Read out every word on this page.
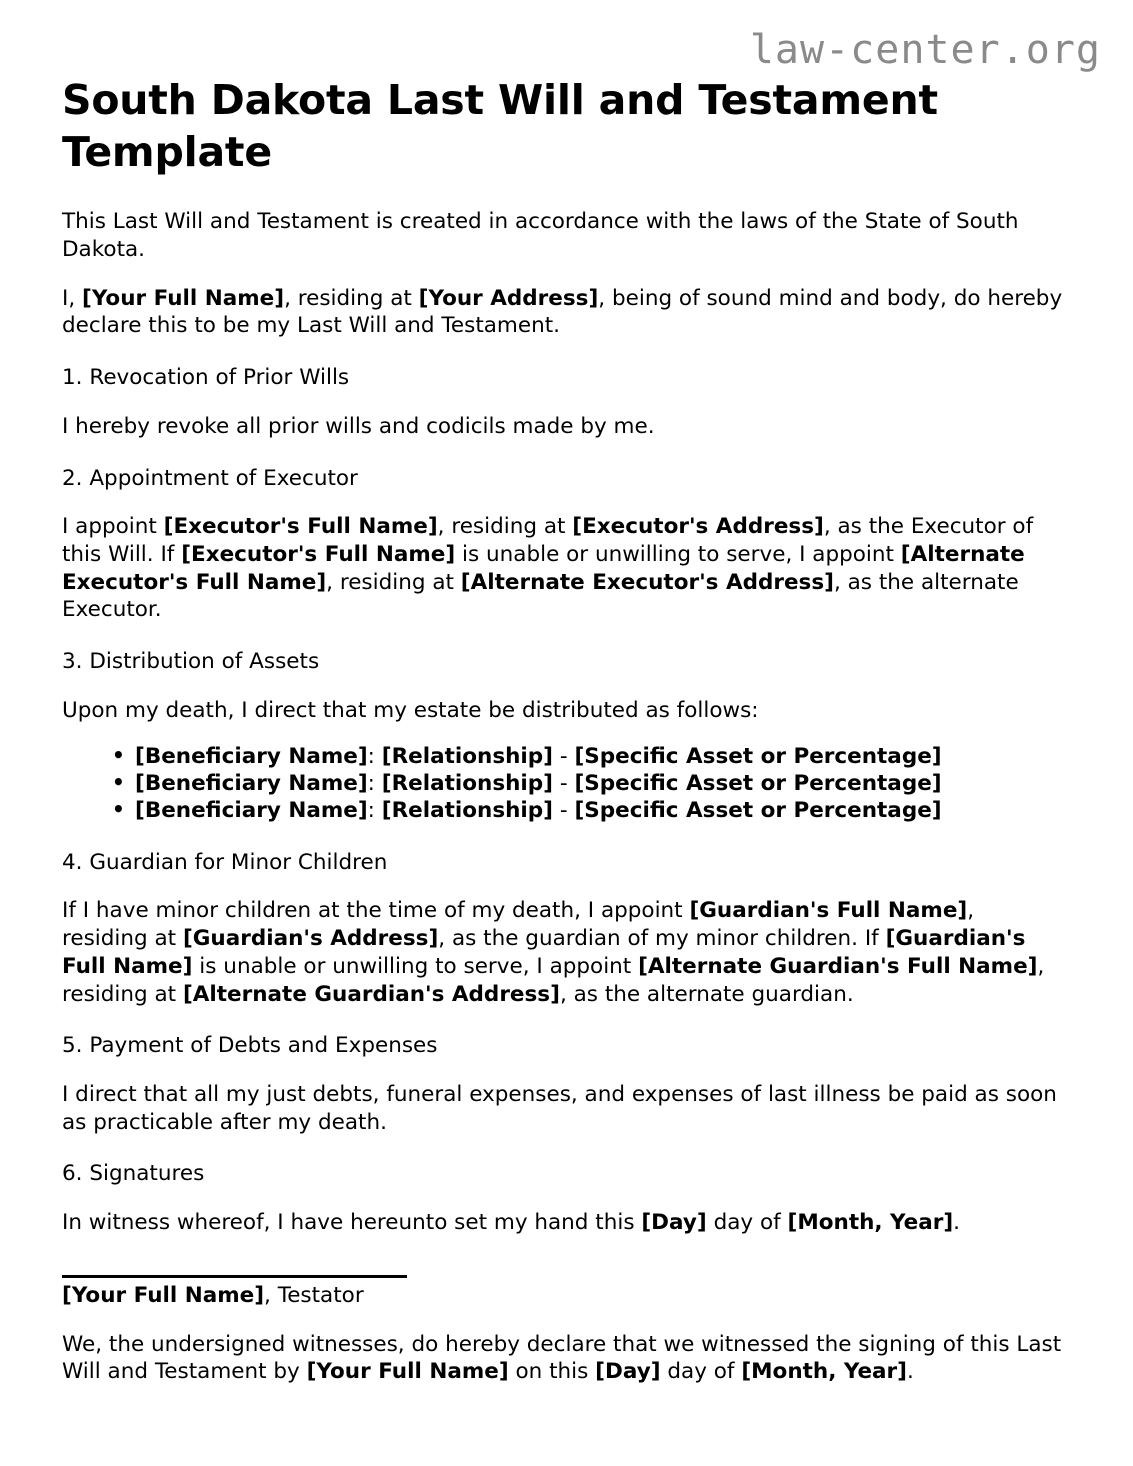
law-center.org
South Dakota Last Will and Testament Template

This Last Will and Testament is created in accordance with the laws of the State of South Dakota.

I, [Your Full Name], residing at [Your Address], being of sound mind and body, do hereby declare this to be my Last Will and Testament.

1. Revocation of Prior Wills

I hereby revoke all prior wills and codicils made by me.

2. Appointment of Executor

I appoint [Executor's Full Name], residing at [Executor's Address], as the Executor of this Will. If [Executor's Full Name] is unable or unwilling to serve, I appoint [Alternate Executor's Full Name], residing at [Alternate Executor's Address], as the alternate Executor.

3. Distribution of Assets

Upon my death, I direct that my estate be distributed as follows:

• [Beneficiary Name]: [Relationship] - [Specific Asset or Percentage]
• [Beneficiary Name]: [Relationship] - [Specific Asset or Percentage]
• [Beneficiary Name]: [Relationship] - [Specific Asset or Percentage]

4. Guardian for Minor Children

If I have minor children at the time of my death, I appoint [Guardian's Full Name], residing at [Guardian's Address], as the guardian of my minor children. If [Guardian's Full Name] is unable or unwilling to serve, I appoint [Alternate Guardian's Full Name], residing at [Alternate Guardian's Address], as the alternate guardian.

5. Payment of Debts and Expenses

I direct that all my just debts, funeral expenses, and expenses of last illness be paid as soon as practicable after my death.

6. Signatures

In witness whereof, I have hereunto set my hand this [Day] day of [Month, Year].

[Your Full Name], Testator

We, the undersigned witnesses, do hereby declare that we witnessed the signing of this Last Will and Testament by [Your Full Name] on this [Day] day of [Month, Year].
